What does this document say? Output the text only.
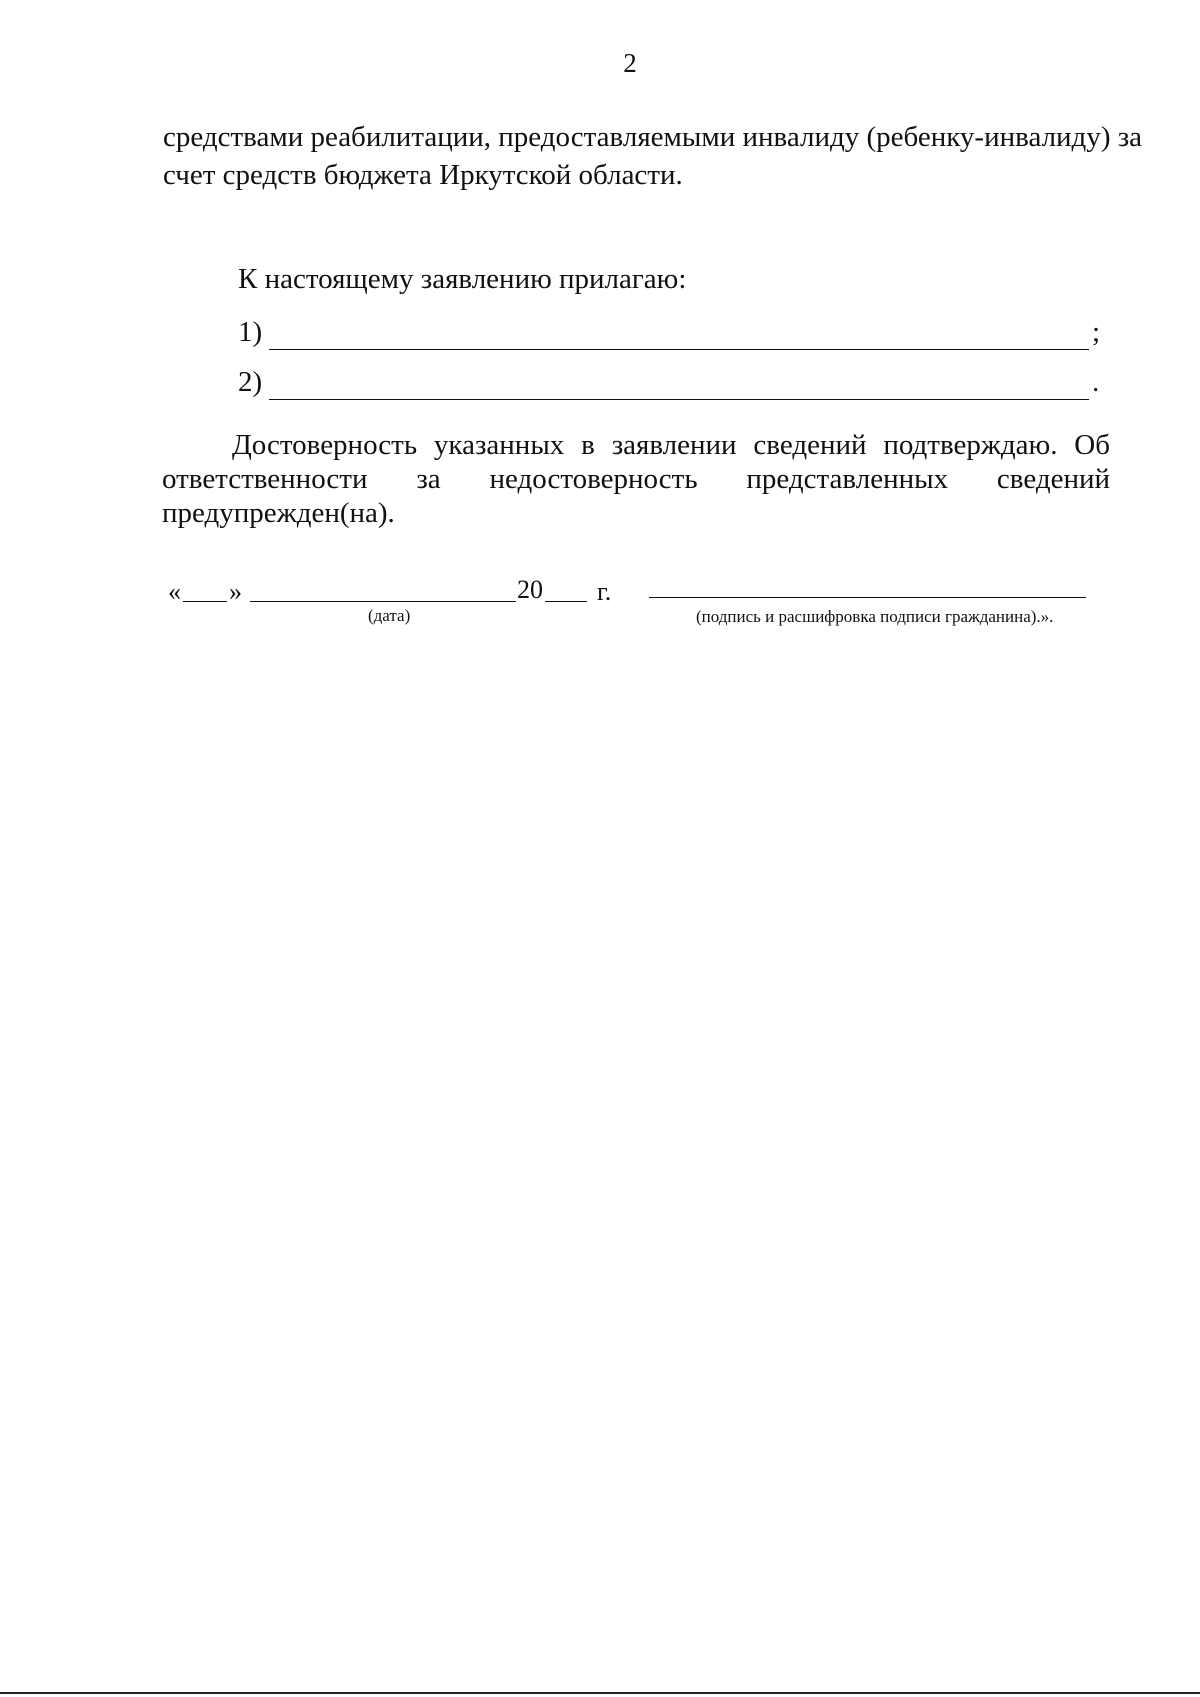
2
средствами реабилитации, предоставляемыми инвалиду (ребенку-инвалиду) за
счет средств бюджета Иркутской области.
К настоящему заявлению прилагаю:
1)	;
2)	.
Достоверность указанных в заявлении сведений подтверждаю. Об
ответственности за недостоверность представленных сведений
предупрежден(на).
« »	20 г.
(дата)	(подпись и расшифровка подписи гражданина).».
